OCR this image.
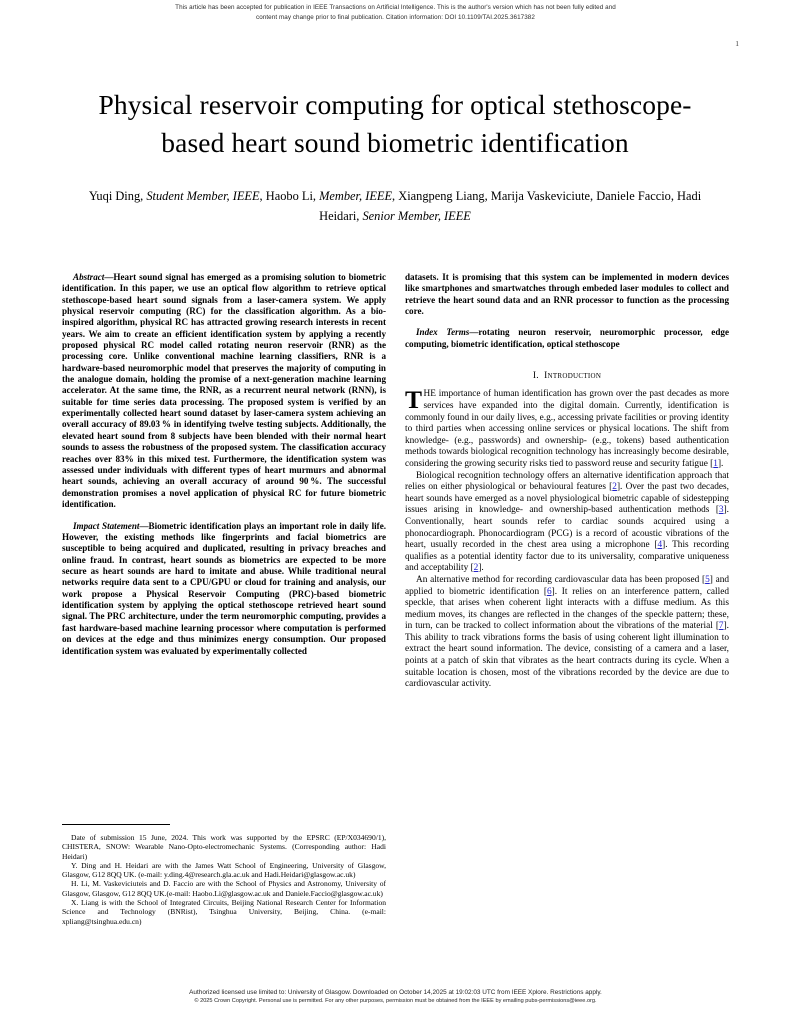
This article has been accepted for publication in IEEE Transactions on Artificial Intelligence. This is the author's version which has not been fully edited and
content may change prior to final publication. Citation information: DOI 10.1109/TAI.2025.3617382
1
Physical reservoir computing for optical stethoscope-based heart sound biometric identification
Yuqi Ding, Student Member, IEEE, Haobo Li, Member, IEEE, Xiangpeng Liang, Marija Vaskeviciute, Daniele Faccio, Hadi Heidari, Senior Member, IEEE

Abstract—Heart sound signal has emerged as a promising solution to biometric identification. In this paper, we use an optical flow algorithm to retrieve optical stethoscope-based heart sound signals from a laser-camera system. We apply physical reservoir computing (RC) for the classification algorithm. As a bio-inspired algorithm, physical RC has attracted growing research interests in recent years. We aim to create an efficient identification system by applying a recently proposed physical RC model called rotating neuron reservoir (RNR) as the processing core. Unlike conventional machine learning classifiers, RNR is a hardware-based neuromorphic model that preserves the majority of computing in the analogue domain, holding the promise of a next-generation machine learning accelerator. At the same time, the RNR, as a recurrent neural network (RNN), is suitable for time series data processing. The proposed system is verified by an experimentally collected heart sound dataset by laser-camera system achieving an overall accuracy of 89.03 % in identifying twelve testing subjects. Additionally, the elevated heart sound from 8 subjects have been blended with their normal heart sounds to assess the robustness of the proposed system. The classification accuracy reaches over 83% in this mixed test. Furthermore, the identification system was assessed under individuals with different types of heart murmurs and abnormal heart sounds, achieving an overall accuracy of around 90 %. The successful demonstration promises a novel application of physical RC for future biometric identification.

Impact Statement—Biometric identification plays an important role in daily life. However, the existing methods like fingerprints and facial biometrics are susceptible to being acquired and duplicated, resulting in privacy breaches and online fraud. In contrast, heart sounds as biometrics are expected to be more secure as heart sounds are hard to imitate and abuse. While traditional neural networks require data sent to a CPU/GPU or cloud for training and analysis, our work propose a Physical Reservoir Computing (PRC)-based biometric identification system by applying the optical stethoscope retrieved heart sound signal. The PRC architecture, under the term neuromorphic computing, provides a fast hardware-based machine learning processor where computation is performed on devices at the edge and thus minimizes energy consumption. Our proposed identification system was evaluated by experimentally collected

datasets. It is promising that this system can be implemented in modern devices like smartphones and smartwatches through embeded laser modules to collect and retrieve the heart sound data and an RNR processor to function as the processing core.

Index Terms—rotating neuron reservoir, neuromorphic processor, edge computing, biometric identification, optical stethoscope

I. Introduction

THE importance of human identification has grown over the past decades as more services have expanded into the digital domain. Currently, identification is commonly found in our daily lives, e.g., accessing private facilities or proving identity to third parties when accessing online services or physical locations. The shift from knowledge- (e.g., passwords) and ownership- (e.g., tokens) based authentication methods towards biological recognition technology has increasingly become desirable, considering the growing security risks tied to password reuse and security fatigue [1].

Biological recognition technology offers an alternative identification approach that relies on either physiological or behavioural features [2]. Over the past two decades, heart sounds have emerged as a novel physiological biometric capable of sidestepping issues arising in knowledge- and ownership-based authentication methods [3]. Conventionally, heart sounds refer to cardiac sounds acquired using a phonocardiograph. Phonocardiogram (PCG) is a record of acoustic vibrations of the heart, usually recorded in the chest area using a microphone [4]. This recording qualifies as a potential identity factor due to its universality, comparative uniqueness and acceptability [2].

An alternative method for recording cardiovascular data has been proposed [5] and applied to biometric identification [6]. It relies on an interference pattern, called speckle, that arises when coherent light interacts with a diffuse medium. As this medium moves, its changes are reflected in the changes of the speckle pattern; these, in turn, can be tracked to collect information about the vibrations of the material [7]. This ability to track vibrations forms the basis of using coherent light illumination to extract the heart sound information. The device, consisting of a camera and a laser, points at a patch of skin that vibrates as the heart contracts during its cycle. When a suitable location is chosen, most of the vibrations recorded by the device are due to cardiovascular activity.

Date of submission 15 June, 2024. This work was supported by the EPSRC (EP/X034690/1), CHISTERA, SNOW: Wearable Nano-Opto-electromechanic Systems. (Corresponding author: Hadi Heidari)

Y. Ding and H. Heidari are with the James Watt School of Engineering, University of Glasgow, Glasgow, G12 8QQ UK. (e-mail: y.ding.4@research.gla.ac.uk and Hadi.Heidari@glasgow.ac.uk)

H. Li, M. Vaskeviciuteis and D. Faccio are with the School of Physics and Astronomy, University of Glasgow, Glasgow, G12 8QQ UK.(e-mail: Haobo.Li@glasgow.ac.uk and Daniele.Faccio@glasgow.ac.uk)

X. Liang is with the School of Integrated Circuits, Beijing National Research Center for Information Science and Technology (BNRist), Tsinghua University, Beijing, China. (e-mail: xpliang@tsinghua.edu.cn)

Authorized licensed use limited to: University of Glasgow. Downloaded on October 14,2025 at 19:02:03 UTC from IEEE Xplore. Restrictions apply.
© 2025 Crown Copyright. Personal use is permitted. For any other purposes, permission must be obtained from the IEEE by emailing pubs-permissions@ieee.org.
